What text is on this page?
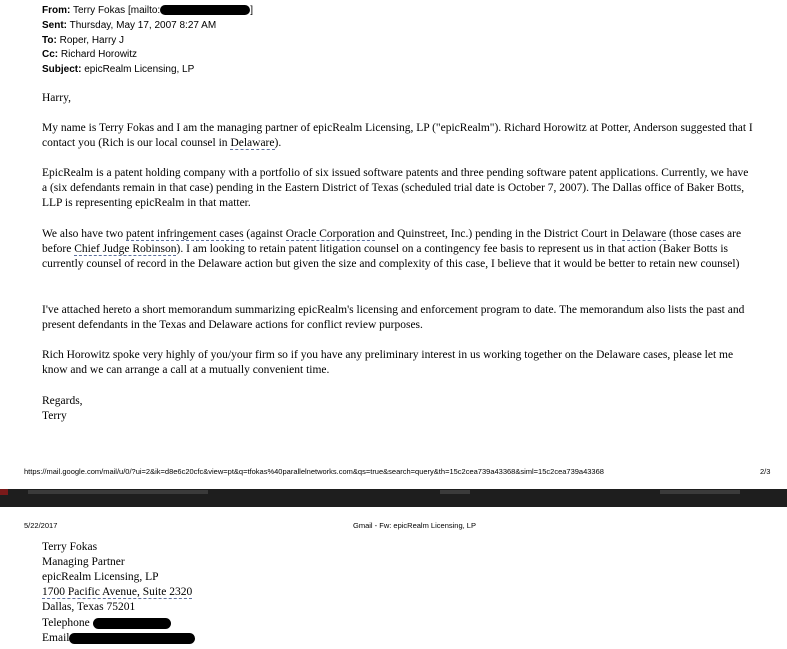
From: Terry Fokas [mailto:	]
Sent: Thursday, May 17, 2007 8:27 AM
To: Roper, Harry J
Cc: Richard Horowitz
Subject: epicRealm Licensing, LP
Harry,
My name is Terry Fokas and I am the managing partner of epicRealm Licensing, LP ("epicRealm"). Richard Horowitz at Potter, Anderson suggested that I contact you (Rich is our local counsel in Delaware).
EpicRealm is a patent holding company with a portfolio of six issued software patents and three pending software patent applications. Currently, we have a (six defendants remain in that case) pending in the Eastern District of Texas (scheduled trial date is October 7, 2007). The Dallas office of Baker Botts, LLP is representing epicRealm in that matter.
We also have two patent infringement cases (against Oracle Corporation and Quinstreet, Inc.) pending in the District Court in Delaware (those cases are before Chief Judge Robinson). I am looking to retain patent litigation counsel on a contingency fee basis to represent us in that action (Baker Botts is currently counsel of record in the Delaware action but given the size and complexity of this case, I believe that it would be better to retain new counsel)
I've attached hereto a short memorandum summarizing epicRealm's licensing and enforcement program to date. The memorandum also lists the past and present defendants in the Texas and Delaware actions for conflict review purposes.
Rich Horowitz spoke very highly of you/your firm so if you have any preliminary interest in us working together on the Delaware cases, please let me know and we can arrange a call at a mutually convenient time.
Regards,
Terry
https://mail.google.com/mail/u/0/?ui=2&ik=d8e6c20cfc&view=pt&q=tfokas%40parallelnetworks.com&qs=true&search=query&th=15c2cea739a43368&siml=15c2cea739a43368	2/3
5/22/2017	Gmail - Fw: epicRealm Licensing, LP
Terry Fokas
Managing Partner
epicRealm Licensing, LP
1700 Pacific Avenue, Suite 2320
Dallas, Texas 75201
Telephone
Email
